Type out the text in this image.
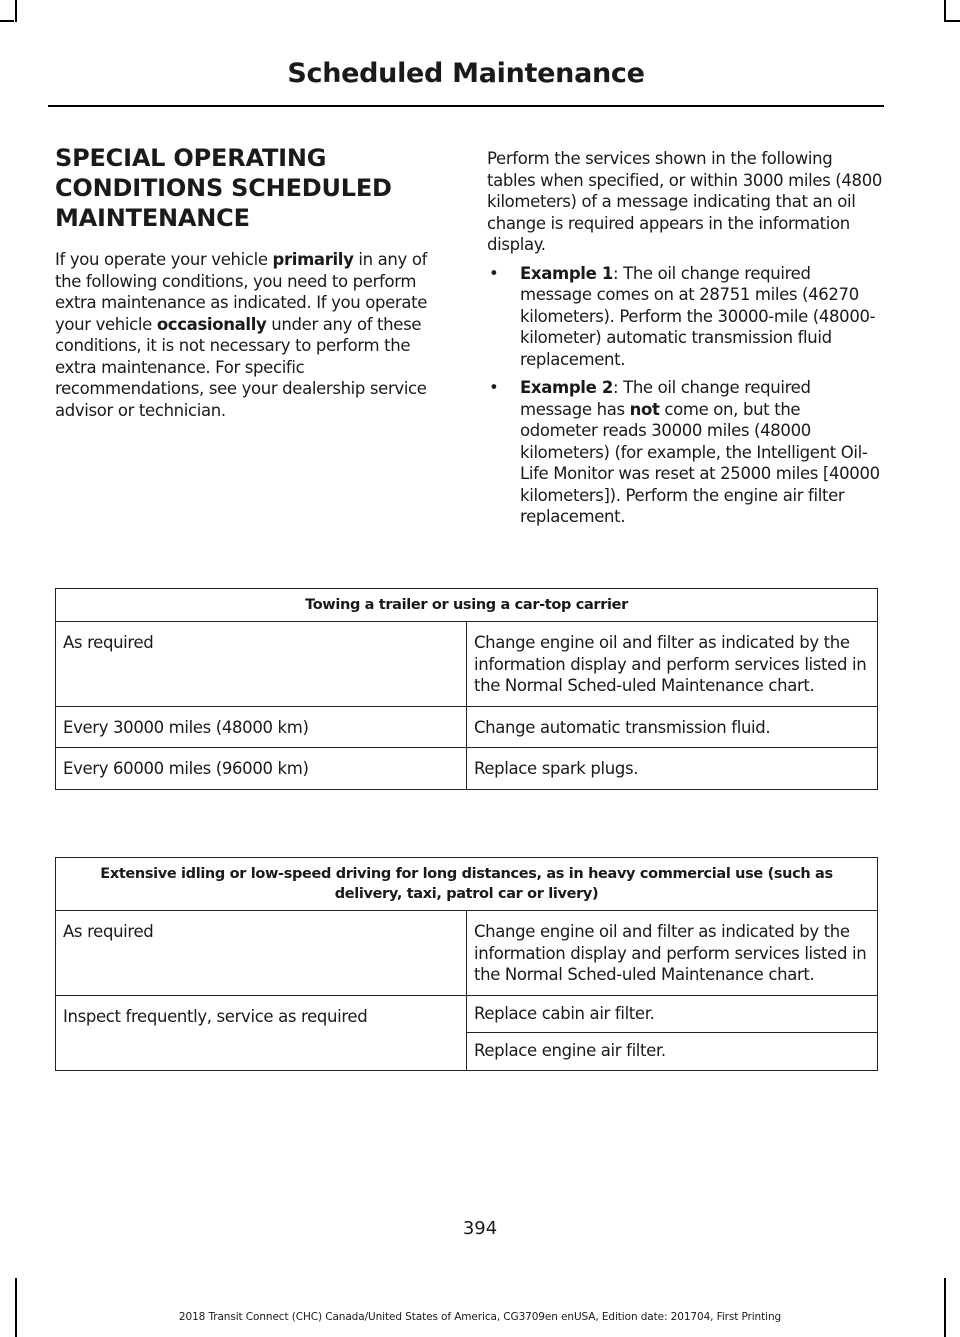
Scheduled Maintenance
SPECIAL OPERATING
CONDITIONS SCHEDULED
MAINTENANCE

If you operate your vehicle primarily in any of the following conditions, you need to perform extra maintenance as indicated. If you operate your vehicle occasionally under any of these conditions, it is not necessary to perform the extra maintenance. For specific recommendations, see your dealership service advisor or technician.

Perform the services shown in the following tables when specified, or within 3000 miles (4800 kilometers) of a message indicating that an oil change is required appears in the information display.

• Example 1: The oil change required message comes on at 28751 miles (46270 kilometers). Perform the 30000-mile (48000-kilometer) automatic transmission fluid replacement.
• Example 2: The oil change required message has not come on, but the odometer reads 30000 miles (48000 kilometers) (for example, the Intelligent Oil-Life Monitor was reset at 25000 miles [40000 kilometers]). Perform the engine air filter replacement.
Towing a trailer or using a car-top carrier	
As required	Change engine oil and filter as indicated by the information display and perform services listed in the Normal Sched-uled Maintenance chart.
Every 30000 miles (48000 km)	Change automatic transmission fluid.
Every 60000 miles (96000 km)	Replace spark plugs.
Extensive idling or low-speed driving for long distances, as in heavy commercial use (such as delivery, taxi, patrol car or livery)	
As required	Change engine oil and filter as indicated by the information display and perform services listed in the Normal Sched-uled Maintenance chart.
Inspect frequently, service as required	Replace cabin air filter.
	Replace engine air filter.
394
2018 Transit Connect (CHC) Canada/United States of America, CG3709en enUSA, Edition date: 201704, First Printing
